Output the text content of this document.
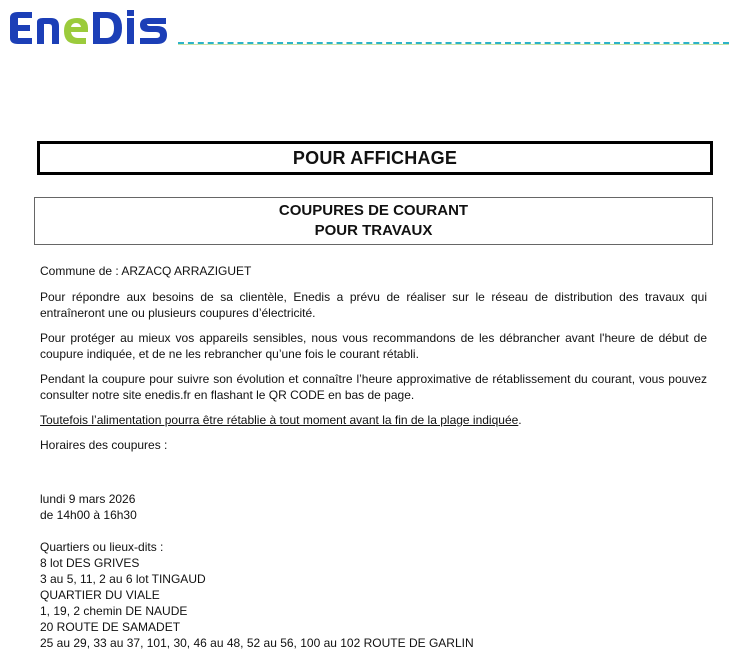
POUR AFFICHAGE
COUPURES DE COURANT
POUR TRAVAUX

Commune de : ARZACQ ARRAZIGUET

Pour répondre aux besoins de sa clientèle, Enedis a prévu de réaliser sur le réseau de distribution des travaux qui entraîneront une ou plusieurs coupures d’électricité.

Pour protéger au mieux vos appareils sensibles, nous vous recommandons de les débrancher avant l'heure de début de coupure indiquée, et de ne les rebrancher qu’une fois le courant rétabli.

Pendant la coupure pour suivre son évolution et connaître l’heure approximative de rétablissement du courant, vous pouvez consulter notre site enedis.fr en flashant le QR CODE en bas de page.

Toutefois l’alimentation pourra être rétablie à tout moment avant la fin de la plage indiquée.

Horaires des coupures :

lundi 9 mars 2026
de 14h00 à 16h30
Quartiers ou lieux-dits :
8 lot DES GRIVES
3 au 5, 11, 2 au 6 lot TINGAUD
QUARTIER DU VIALE
1, 19, 2 chemin DE NAUDE
20 ROUTE DE SAMADET
25 au 29, 33 au 37, 101, 30, 46 au 48, 52 au 56, 100 au 102 ROUTE DE GARLIN
